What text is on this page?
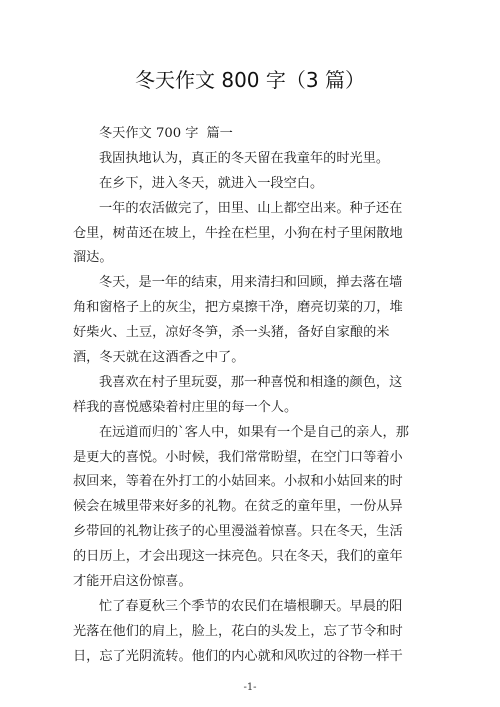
冬天作文 800 字（3 篇）
冬天作文 700 字 篇一
我固执地认为，真正的冬天留在我童年的时光里。
在乡下，进入冬天，就进入一段空白。
一年的农活做完了，田里、山上都空出来。种子还在
仓里，树苗还在坡上，牛拴在栏里，小狗在村子里闲散地
溜达。
冬天，是一年的结束，用来清扫和回顾，掸去落在墙
角和窗格子上的灰尘，把方桌擦干净，磨亮切菜的刀，堆
好柴火、土豆，凉好冬笋，杀一头猪，备好自家酿的米
酒，冬天就在这酒香之中了。
我喜欢在村子里玩耍，那一种喜悦和相逢的颜色，这
样我的喜悦感染着村庄里的每一个人。
在远道而归的`客人中，如果有一个是自己的亲人，那
是更大的喜悦。小时候，我们常常盼望，在空门口等着小
叔回来，等着在外打工的小姑回来。小叔和小姑回来的时
候会在城里带来好多的礼物。在贫乏的童年里，一份从异
乡带回的礼物让孩子的心里漫溢着惊喜。只在冬天，生活
的日历上，才会出现这一抹亮色。只在冬天，我们的童年
才能开启这份惊喜。
忙了春夏秋三个季节的农民们在墙根聊天。早晨的阳
光落在他们的肩上，脸上，花白的头发上，忘了节令和时
日，忘了光阴流转。他们的内心就和风吹过的谷物一样干
-1-
